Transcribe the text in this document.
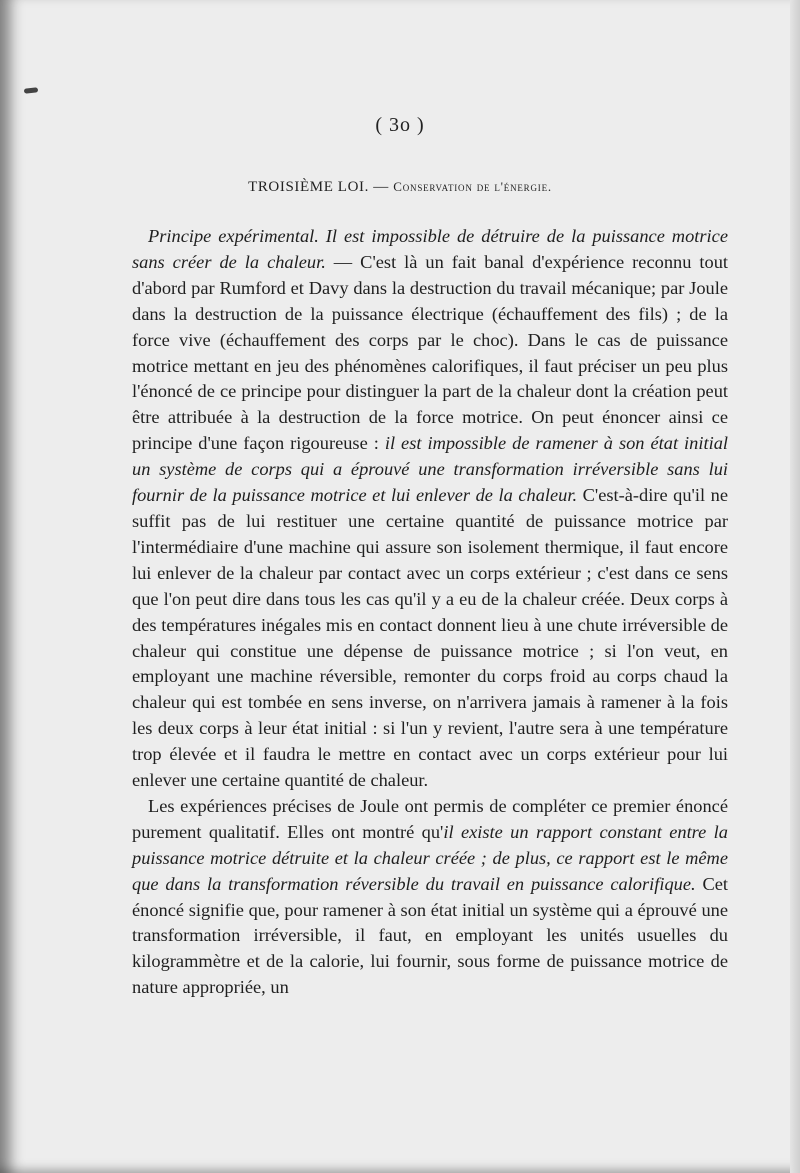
( 3o )
TROISIÈME LOI. — Conservation de l'énergie.

Principe expérimental. Il est impossible de détruire de la puissance motrice sans créer de la chaleur. — C'est là un fait banal d'expérience reconnu tout d'abord par Rumford et Davy dans la destruction du travail mécanique; par Joule dans la destruction de la puissance électrique (échauffement des fils) ; de la force vive (échauffement des corps par le choc). Dans le cas de puissance motrice mettant en jeu des phénomènes calorifiques, il faut préciser un peu plus l'énoncé de ce principe pour distinguer la part de la chaleur dont la création peut être attribuée à la destruction de la force motrice. On peut énoncer ainsi ce principe d'une façon rigoureuse : il est impossible de ramener à son état initial un système de corps qui a éprouvé une transformation irréversible sans lui fournir de la puissance motrice et lui enlever de la chaleur. C'est-à-dire qu'il ne suffit pas de lui restituer une certaine quantité de puissance motrice par l'intermédiaire d'une machine qui assure son isolement thermique, il faut encore lui enlever de la chaleur par contact avec un corps extérieur ; c'est dans ce sens que l'on peut dire dans tous les cas qu'il y a eu de la chaleur créée. Deux corps à des températures inégales mis en contact donnent lieu à une chute irréversible de chaleur qui constitue une dépense de puissance motrice ; si l'on veut, en employant une machine réversible, remonter du corps froid au corps chaud la chaleur qui est tombée en sens inverse, on n'arrivera jamais à ramener à la fois les deux corps à leur état initial : si l'un y revient, l'autre sera à une température trop élevée et il faudra le mettre en contact avec un corps extérieur pour lui enlever une certaine quantité de chaleur.

Les expériences précises de Joule ont permis de compléter ce premier énoncé purement qualitatif. Elles ont montré qu'il existe un rapport constant entre la puissance motrice détruite et la chaleur créée ; de plus, ce rapport est le même que dans la transformation réversible du travail en puissance calorifique. Cet énoncé signifie que, pour ramener à son état initial un système qui a éprouvé une transformation irréversible, il faut, en employant les unités usuelles du kilogrammètre et de la calorie, lui fournir, sous forme de puissance motrice de nature appropriée, un
